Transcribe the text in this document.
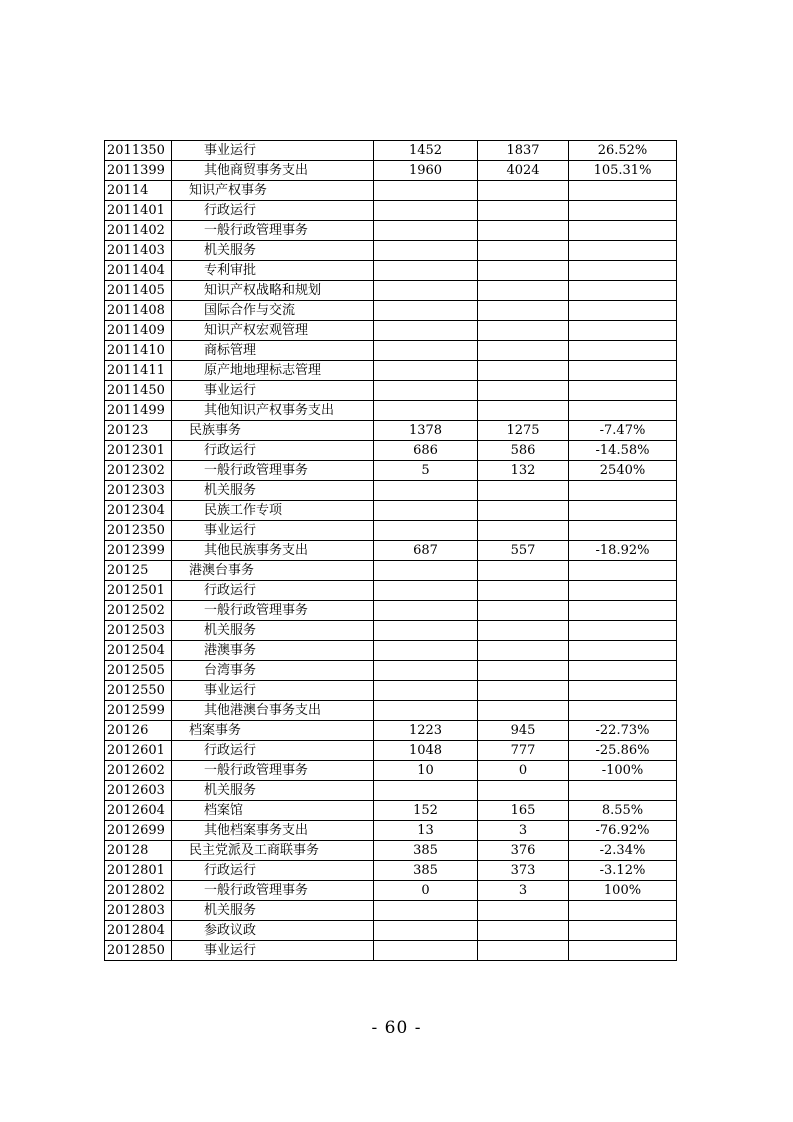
2011350	事业运行	1452	1837	26.52%
2011399	其他商贸事务支出	1960	4024	105.31%
20114	知识产权事务			
2011401	行政运行			
2011402	一般行政管理事务			
2011403	机关服务			
2011404	专利审批			
2011405	知识产权战略和规划			
2011408	国际合作与交流			
2011409	知识产权宏观管理			
2011410	商标管理			
2011411	原产地地理标志管理			
2011450	事业运行			
2011499	其他知识产权事务支出			
20123	民族事务	1378	1275	-7.47%
2012301	行政运行	686	586	-14.58%
2012302	一般行政管理事务	5	132	2540%
2012303	机关服务			
2012304	民族工作专项			
2012350	事业运行			
2012399	其他民族事务支出	687	557	-18.92%
20125	港澳台事务			
2012501	行政运行			
2012502	一般行政管理事务			
2012503	机关服务			
2012504	港澳事务			
2012505	台湾事务			
2012550	事业运行			
2012599	其他港澳台事务支出			
20126	档案事务	1223	945	-22.73%
2012601	行政运行	1048	777	-25.86%
2012602	一般行政管理事务	10	0	-100%
2012603	机关服务			
2012604	档案馆	152	165	8.55%
2012699	其他档案事务支出	13	3	-76.92%
20128	民主党派及工商联事务	385	376	-2.34%
2012801	行政运行	385	373	-3.12%
2012802	一般行政管理事务	0	3	100%
2012803	机关服务			
2012804	参政议政			
2012850	事业运行			
- 60 -
